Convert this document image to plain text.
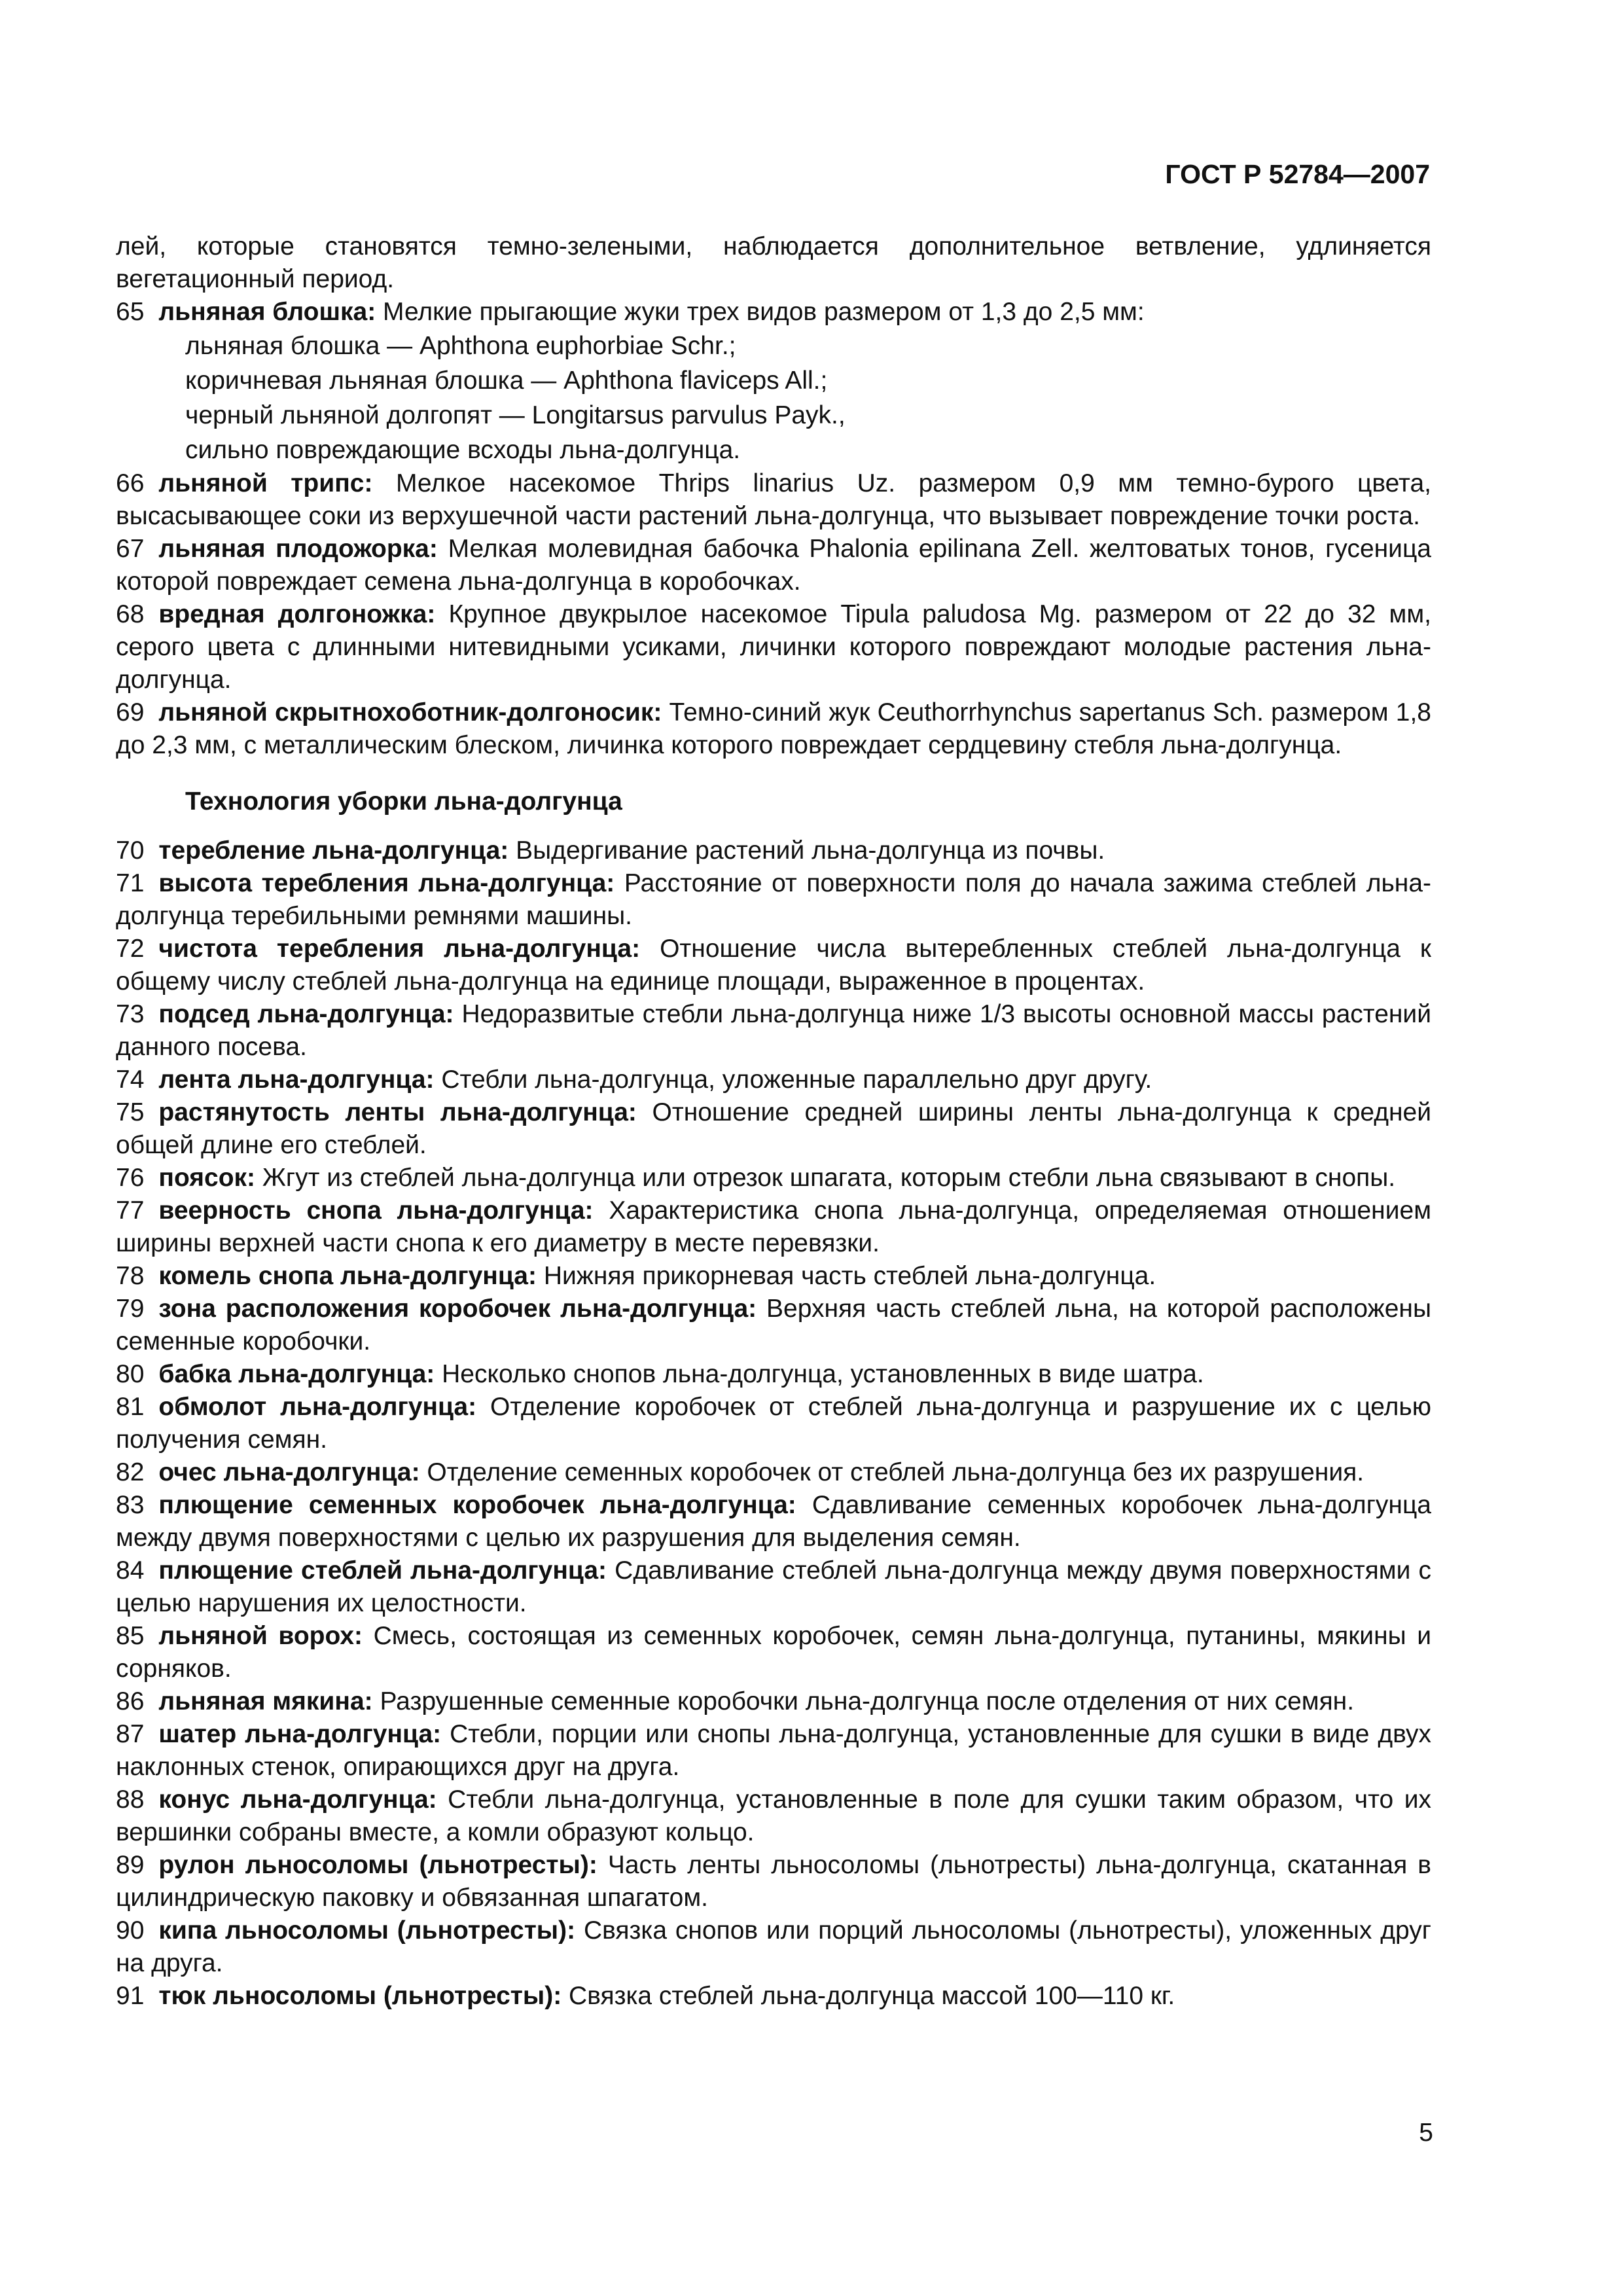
ГОСТ Р 52784—2007
лей, которые становятся темно-зелеными, наблюдается дополнительное ветвление, удлиняется вегетационный период.
65 льняная блошка: Мелкие прыгающие жуки трех видов размером от 1,3 до 2,5 мм:
льняная блошка — Aphthona euphorbiae Schr.;
коричневая льняная блошка — Aphthona flaviceps All.;
черный льняной долгопят — Longitarsus parvulus Payk.,
сильно повреждающие всходы льна-долгунца.
66 льняной трипс: Мелкое насекомое Thrips linarius Uz. размером 0,9 мм темно-бурого цвета, высасывающее соки из верхушечной части растений льна-долгунца, что вызывает повреждение точки роста.
67 льняная плодожорка: Мелкая молевидная бабочка Phalonia epilinana Zell. желтоватых тонов, гусеница которой повреждает семена льна-долгунца в коробочках.
68 вредная долгоножка: Крупное двукрылое насекомое Tipula paludosa Mg. размером от 22 до 32 мм, серого цвета с длинными нитевидными усиками, личинки которого повреждают молодые растения льна-долгунца.
69 льняной скрытнохоботник-долгоносик: Темно-синий жук Ceuthorrhynchus sapertanus Sch. размером 1,8 до 2,3 мм, с металлическим блеском, личинка которого повреждает сердцевину стебля льна-долгунца.
Технология уборки льна-долгунца
70 теребление льна-долгунца: Выдергивание растений льна-долгунца из почвы.
71 высота теребления льна-долгунца: Расстояние от поверхности поля до начала зажима стеблей льна-долгунца теребильными ремнями машины.
72 чистота теребления льна-долгунца: Отношение числа вытеребленных стеблей льна-долгунца к общему числу стеблей льна-долгунца на единице площади, выраженное в процентах.
73 подсед льна-долгунца: Недоразвитые стебли льна-долгунца ниже 1/3 высоты основной массы растений данного посева.
74 лента льна-долгунца: Стебли льна-долгунца, уложенные параллельно друг другу.
75 растянутость ленты льна-долгунца: Отношение средней ширины ленты льна-долгунца к средней общей длине его стеблей.
76 поясок: Жгут из стеблей льна-долгунца или отрезок шпагата, которым стебли льна связывают в снопы.
77 веерность снопа льна-долгунца: Характеристика снопа льна-долгунца, определяемая отношением ширины верхней части снопа к его диаметру в месте перевязки.
78 комель снопа льна-долгунца: Нижняя прикорневая часть стеблей льна-долгунца.
79 зона расположения коробочек льна-долгунца: Верхняя часть стеблей льна, на которой расположены семенные коробочки.
80 бабка льна-долгунца: Несколько снопов льна-долгунца, установленных в виде шатра.
81 обмолот льна-долгунца: Отделение коробочек от стеблей льна-долгунца и разрушение их с целью получения семян.
82 очес льна-долгунца: Отделение семенных коробочек от стеблей льна-долгунца без их разрушения.
83 плющение семенных коробочек льна-долгунца: Сдавливание семенных коробочек льна-долгунца между двумя поверхностями с целью их разрушения для выделения семян.
84 плющение стеблей льна-долгунца: Сдавливание стеблей льна-долгунца между двумя поверхностями с целью нарушения их целостности.
85 льняной ворох: Смесь, состоящая из семенных коробочек, семян льна-долгунца, путанины, мякины и сорняков.
86 льняная мякина: Разрушенные семенные коробочки льна-долгунца после отделения от них семян.
87 шатер льна-долгунца: Стебли, порции или снопы льна-долгунца, установленные для сушки в виде двух наклонных стенок, опирающихся друг на друга.
88 конус льна-долгунца: Стебли льна-долгунца, установленные в поле для сушки таким образом, что их вершинки собраны вместе, а комли образуют кольцо.
89 рулон льносоломы (льнотресты): Часть ленты льносоломы (льнотресты) льна-долгунца, скатанная в цилиндрическую паковку и обвязанная шпагатом.
90 кипа льносоломы (льнотресты): Связка снопов или порций льносоломы (льнотресты), уложенных друг на друга.
91 тюк льносоломы (льнотресты): Связка стеблей льна-долгунца массой 100—110 кг.
5
